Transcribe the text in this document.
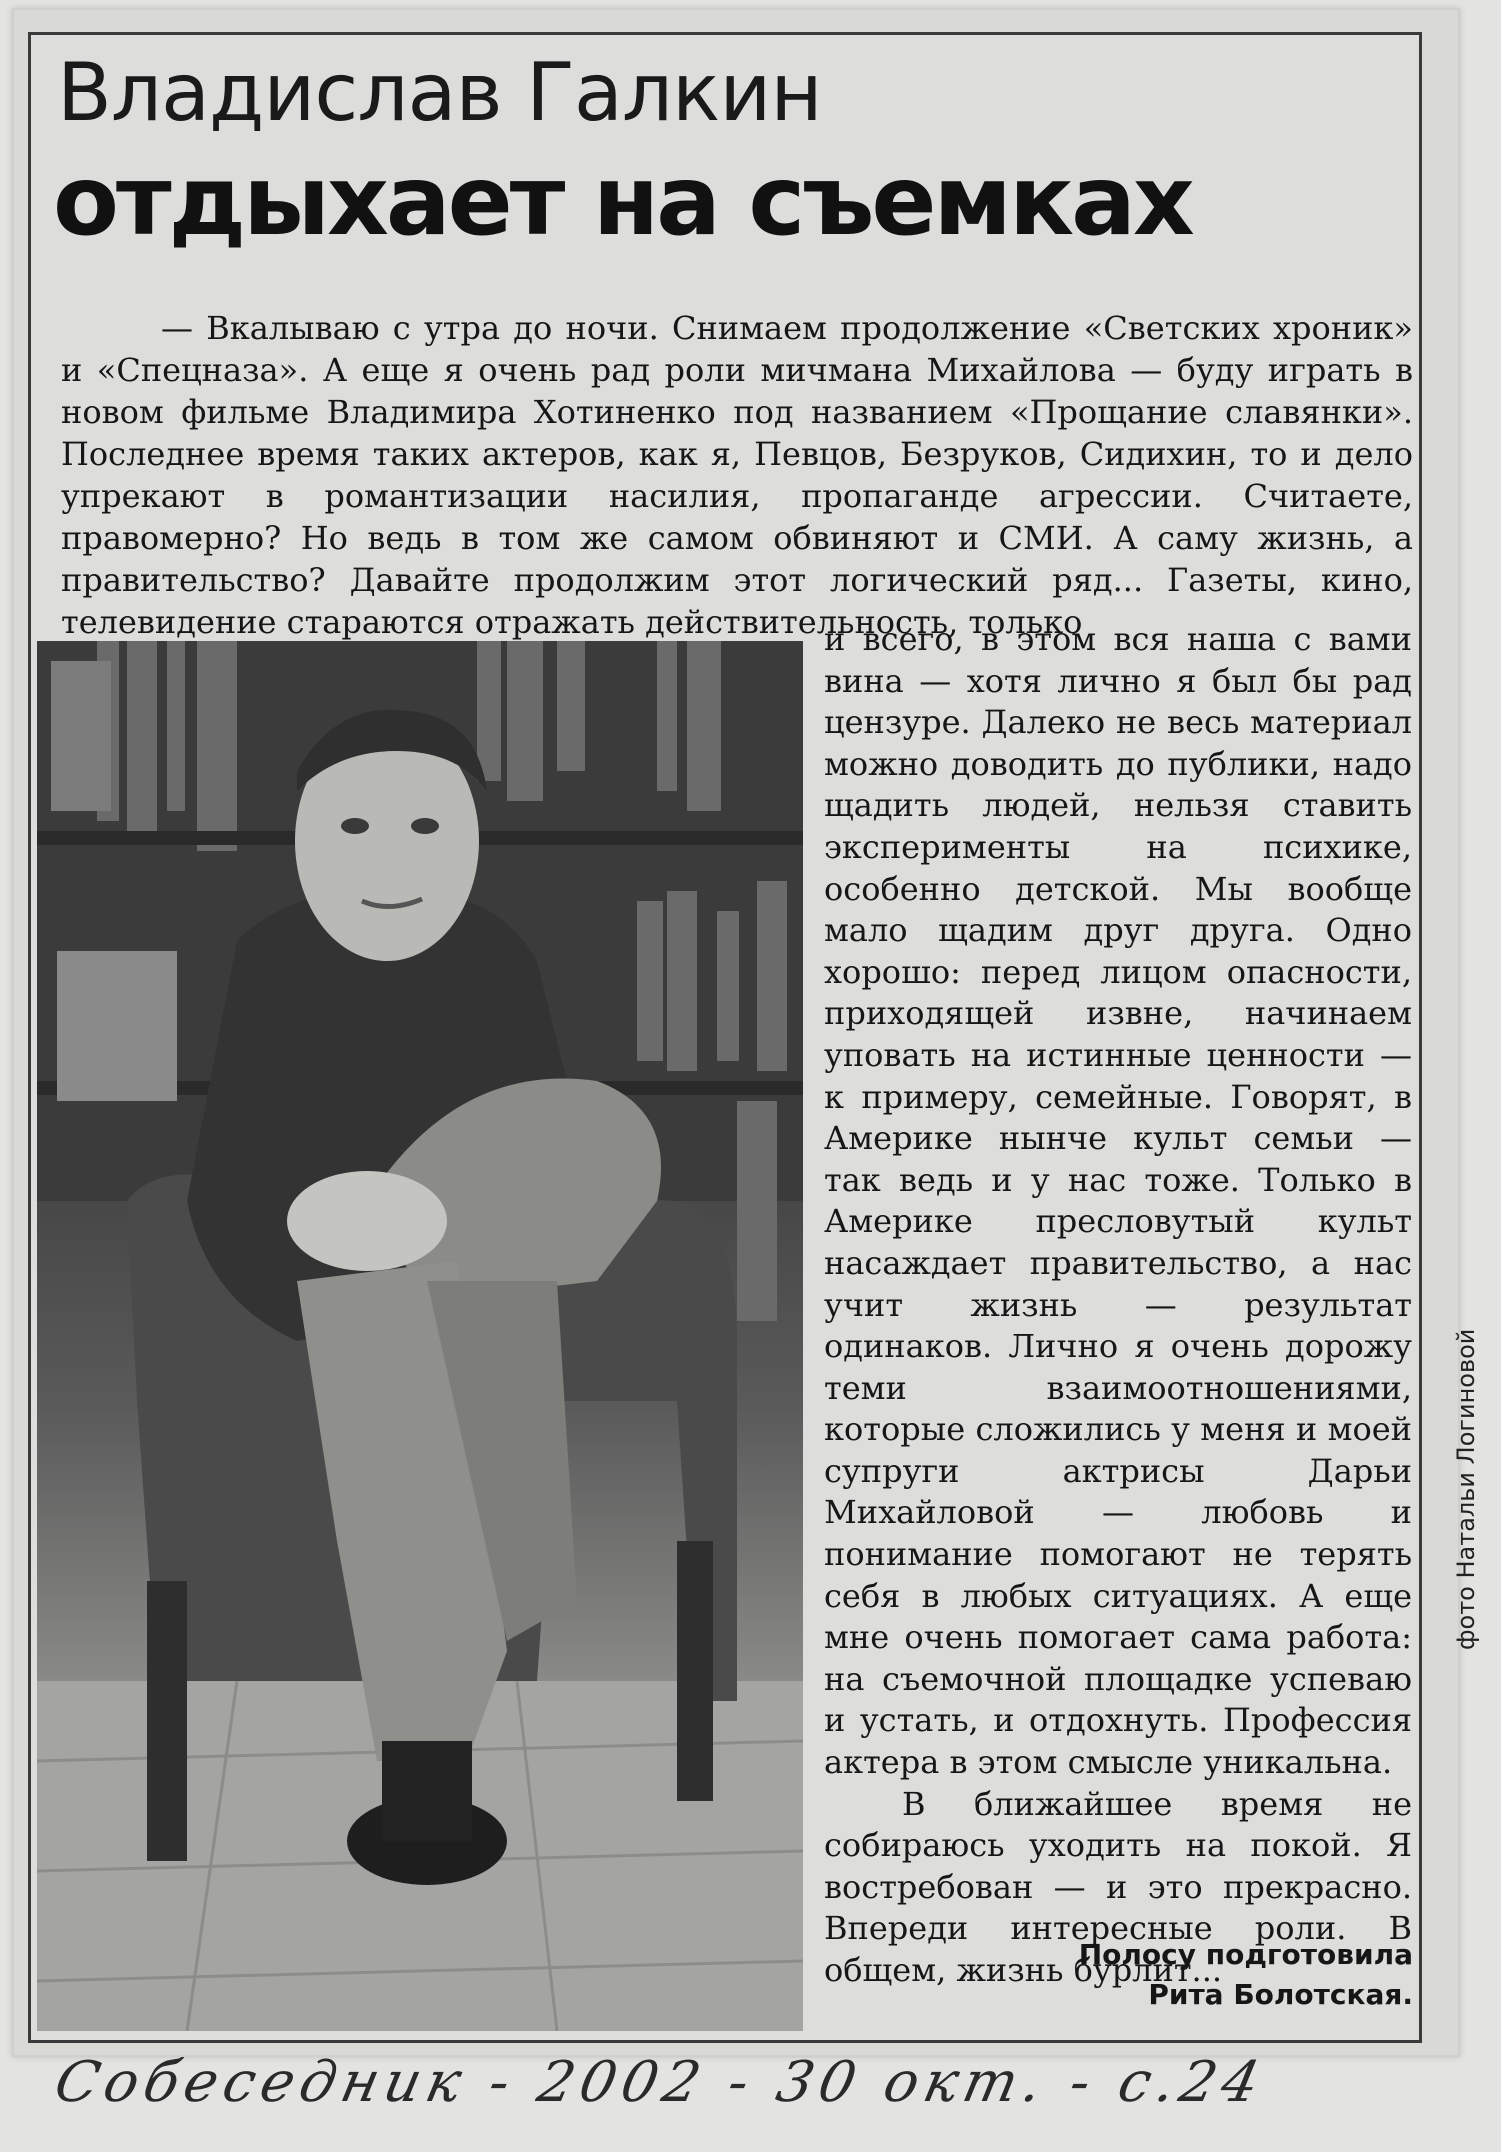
Владислав Галкин
отдыхает на съемках

— Вкалываю с утра до ночи. Снимаем продолжение «Светских хроник» и «Спецназа». А еще я очень рад роли мичмана Михайлова — буду играть в новом фильме Владимира Хотиненко под названием «Прощание славянки». Последнее время таких актеров, как я, Певцов, Безруков, Сидихин, то и дело упрекают в романтизации насилия, пропаганде агрессии. Считаете, правомерно? Но ведь в том же самом обвиняют и СМИ. А саму жизнь, а правительство? Давайте продолжим этот логический ряд... Газеты, кино, телевидение стараются отражать действительность, только

и всего, в этом вся наша с вами вина — хотя лично я был бы рад цензуре. Далеко не весь материал можно доводить до публики, надо щадить людей, нельзя ставить эксперименты на психике, особенно детской. Мы вообще мало щадим друг друга. Одно хорошо: перед лицом опасности, приходящей извне, начинаем уповать на истинные ценности — к примеру, семейные. Говорят, в Америке нынче культ семьи — так ведь и у нас тоже. Только в Америке пресловутый культ насаждает правительство, а нас учит жизнь — результат одинаков. Лично я очень дорожу теми взаимоотношениями, которые сложились у меня и моей супруги актрисы Дарьи Михайловой — любовь и понимание помогают не терять себя в любых ситуациях. А еще мне очень помогает сама работа: на съемочной площадке успеваю и устать, и отдохнуть. Профессия актера в этом смысле уникальна.

В ближайшее время не собираюсь уходить на покой. Я востребован — и это прекрасно. Впереди интересные роли. В общем, жизнь бурлит...

Полосу подготовила
Рита Болотская.
фото Натальи Логиновой
Собеседник - 2002 - 30 окт. - с.24
